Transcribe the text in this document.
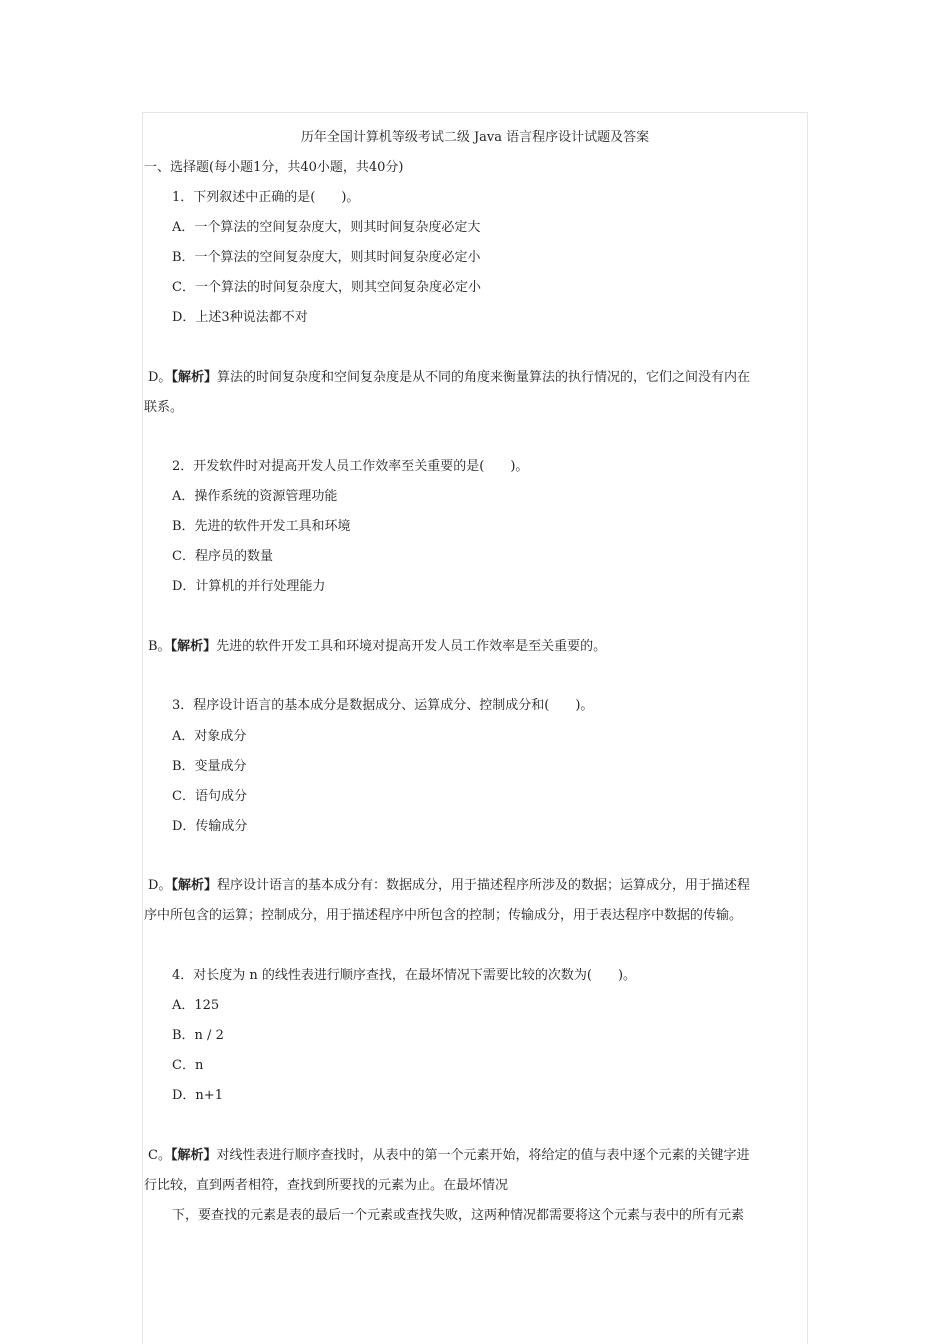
历年全国计算机等级考试二级 Java 语言程序设计试题及答案
一、选择题(每小题1分，共40小题，共40分)
1．下列叙述中正确的是(　　)。
A．一个算法的空间复杂度大，则其时间复杂度必定大
B．一个算法的空间复杂度大，则其时间复杂度必定小
C．一个算法的时间复杂度大，则其空间复杂度必定小
D．上述3种说法都不对
D。【解析】算法的时间复杂度和空间复杂度是从不同的角度来衡量算法的执行情况的，它们之间没有内在
联系。
2．开发软件时对提高开发人员工作效率至关重要的是(　　)。
A．操作系统的资源管理功能
B．先进的软件开发工具和环境
C．程序员的数量
D．计算机的并行处理能力
B。【解析】先进的软件开发工具和环境对提高开发人员工作效率是至关重要的。
3．程序设计语言的基本成分是数据成分、运算成分、控制成分和(　　)。
A．对象成分
B．变量成分
C．语句成分
D．传输成分
D。【解析】程序设计语言的基本成分有：数据成分，用于描述程序所涉及的数据；运算成分，用于描述程
序中所包含的运算；控制成分，用于描述程序中所包含的控制；传输成分，用于表达程序中数据的传输。
4．对长度为 n 的线性表进行顺序查找，在最坏情况下需要比较的次数为(　　)。
A．125
B．n / 2
C．n
D．n+1
C。【解析】对线性表进行顺序查找时，从表中的第一个元素开始，将给定的值与表中逐个元素的关键字进
行比较，直到两者相符，查找到所要找的元素为止。在最坏情况
下，要查找的元素是表的最后一个元素或查找失败，这两种情况都需要将这个元素与表中的所有元素
